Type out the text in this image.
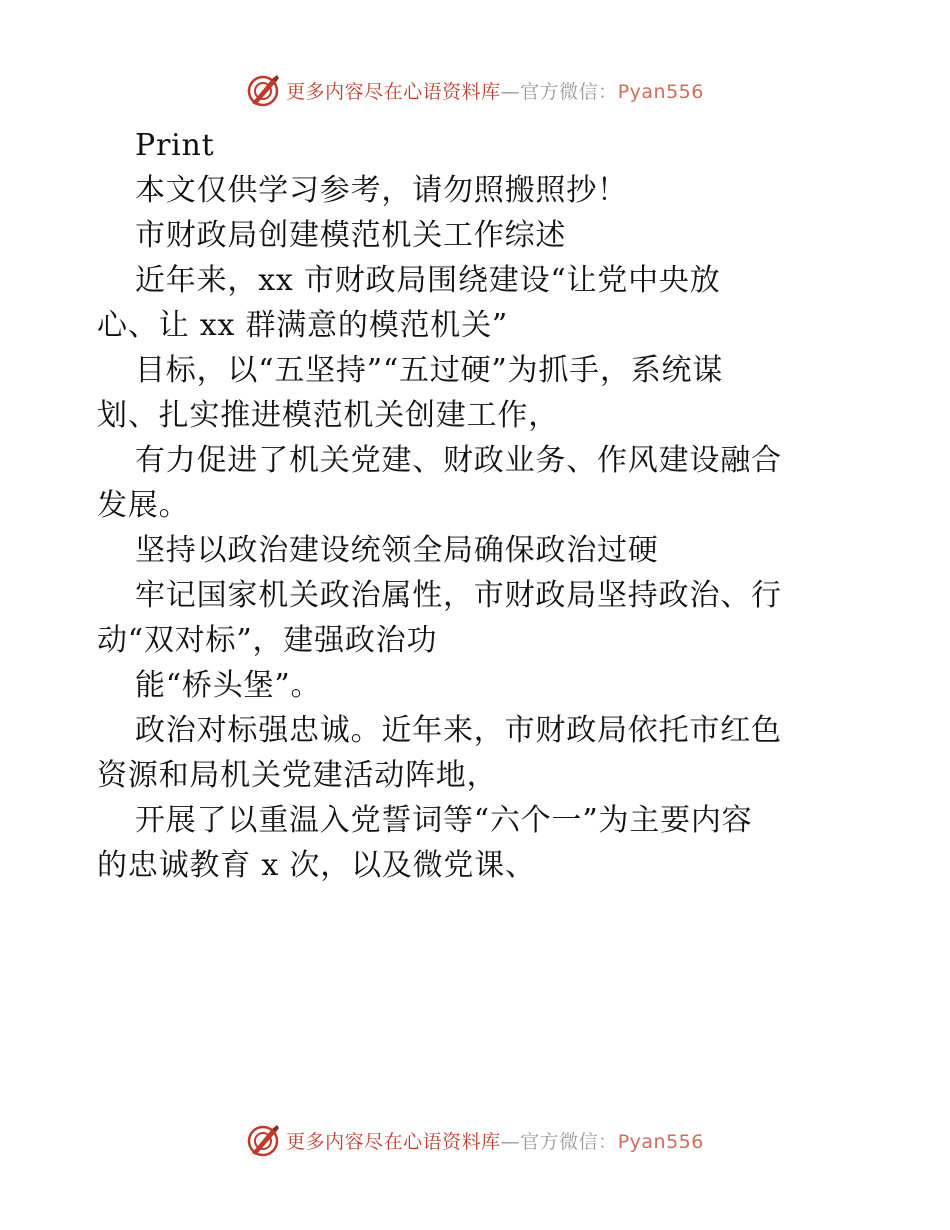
更多内容尽在心语资料库—官方微信：Pyan556
Print
本文仅供学习参考，请勿照搬照抄！
市财政局创建模范机关工作综述
近年来，xx 市财政局围绕建设“让党中央放
心、让 xx 群满意的模范机关”
目标，以“五坚持”“五过硬”为抓手，系统谋
划、扎实推进模范机关创建工作，
有力促进了机关党建、财政业务、作风建设融合
发展。
坚持以政治建设统领全局确保政治过硬
牢记国家机关政治属性，市财政局坚持政治、行
动“双对标”，建强政治功
能“桥头堡”。
政治对标强忠诚。近年来，市财政局依托市红色
资源和局机关党建活动阵地，
开展了以重温入党誓词等“六个一”为主要内容
的忠诚教育 x 次，以及微党课、
更多内容尽在心语资料库—官方微信：Pyan556
